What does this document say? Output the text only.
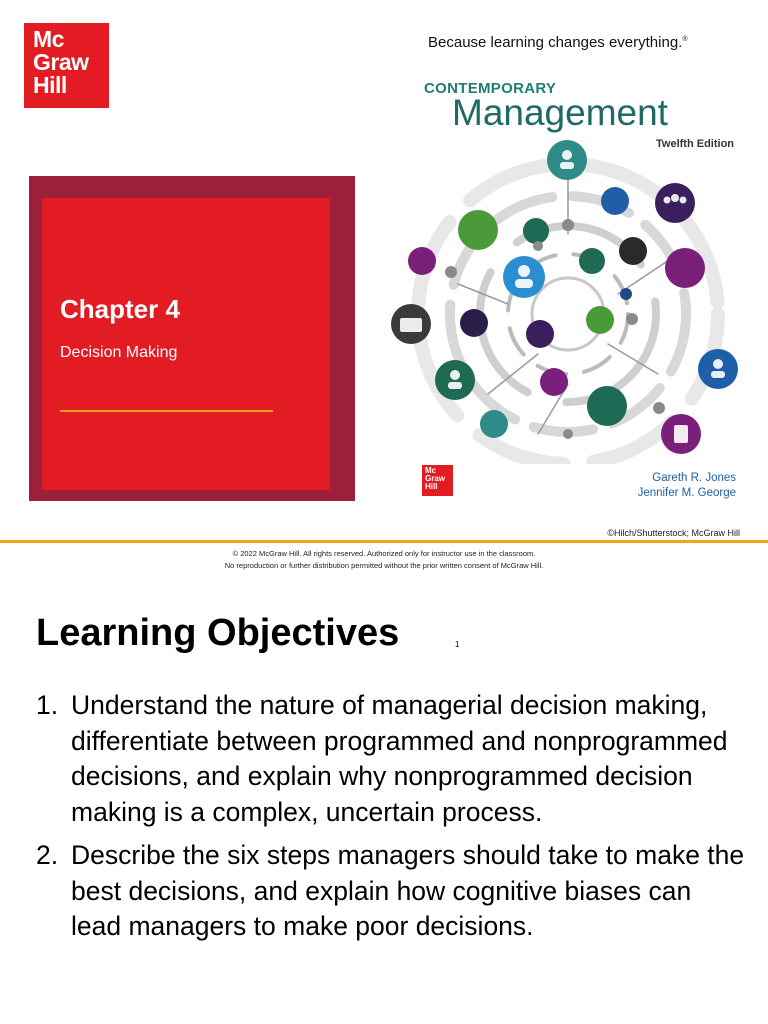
Mc
Graw
Hill
Because learning changes everything.®
Chapter 4
Decision Making
CONTEMPORARY
Management
Twelfth Edition
Mc
Graw
Hill
Gareth R. Jones
Jennifer M. George
©Hilch/Shutterstock; McGraw Hill
© 2022 McGraw Hill. All rights reserved. Authorized only for instructor use in the classroom.
No reproduction or further distribution permitted without the prior written consent of McGraw Hill.
Learning Objectives	1
1. Understand the nature of managerial decision making, differentiate between programmed and nonprogrammed decisions, and explain why nonprogrammed decision making is a complex, uncertain process.
2. Describe the six steps managers should take to make the best decisions, and explain how cognitive biases can lead managers to make poor decisions.
